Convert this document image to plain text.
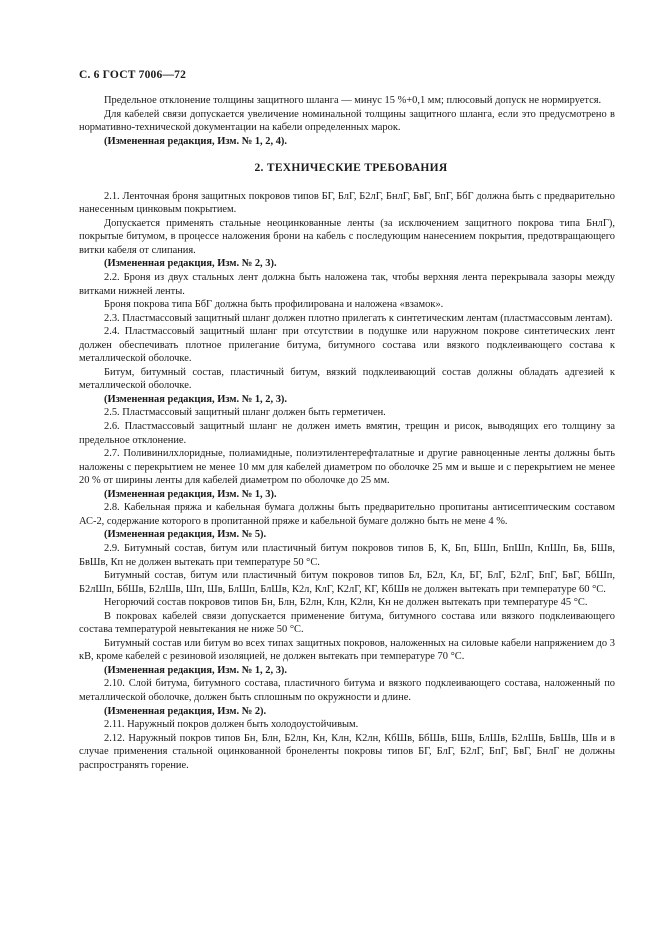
С. 6 ГОСТ 7006—72

Предельное отклонение толщины защитного шланга — минус 15 %+0,1 мм; плюсовый допуск не нормируется.

Для кабелей связи допускается увеличение номинальной толщины защитного шланга, если это предусмотрено в нормативно-технической документации на кабели определенных марок.

(Измененная редакция, Изм. № 1, 2, 4).

2. ТЕХНИЧЕСКИЕ ТРЕБОВАНИЯ

2.1. Ленточная броня защитных покровов типов БГ, БлГ, Б2лГ, БнлГ, БвГ, БпГ, БбГ должна быть с предварительно нанесенным цинковым покрытием.

Допускается применять стальные неоцинкованные ленты (за исключением защитного покрова типа БнлГ), покрытые битумом, в процессе наложения брони на кабель с последующим нанесением покрытия, предотвращающего витки кабеля от слипания.

(Измененная редакция, Изм. № 2, 3).

2.2. Броня из двух стальных лент должна быть наложена так, чтобы верхняя лента перекрывала зазоры между витками нижней ленты.

Броня покрова типа БбГ должна быть профилирована и наложена «взамок».

2.3. Пластмассовый защитный шланг должен плотно прилегать к синтетическим лентам (пластмассовым лентам).

2.4. Пластмассовый защитный шланг при отсутствии в подушке или наружном покрове синтетических лент должен обеспечивать плотное прилегание битума, битумного состава или вязкого подклеивающего состава к металлической оболочке.

Битум, битумный состав, пластичный битум, вязкий подклеивающий состав должны обладать адгезией к металлической оболочке.

(Измененная редакция, Изм. № 1, 2, 3).

2.5. Пластмассовый защитный шланг должен быть герметичен.

2.6. Пластмассовый защитный шланг не должен иметь вмятин, трещин и рисок, выводящих его толщину за предельное отклонение.

2.7. Поливинилхлоридные, полиамидные, полиэтилентерефталатные и другие равноценные ленты должны быть наложены с перекрытием не менее 10 мм для кабелей диаметром по оболочке 25 мм и выше и с перекрытием не менее 20 % от ширины ленты для кабелей диаметром по оболочке до 25 мм.

(Измененная редакция, Изм. № 1, 3).

2.8. Кабельная пряжа и кабельная бумага должны быть предварительно пропитаны антисептическим составом АС-2, содержание которого в пропитанной пряже и кабельной бумаге должно быть не мене 4 %.

(Измененная редакция, Изм. № 5).

2.9. Битумный состав, битум или пластичный битум покровов типов Б, К, Бп, БШп, БпШп, КпШп, Бв, БШв, БвШв, Кп не должен вытекать при температуре 50 °С.

Битумный состав, битум или пластичный битум покровов типов Бл, Б2л, Кл, БГ, БлГ, Б2лГ, БпГ, БвГ, БбШп, Б2лШп, БбШв, Б2лШв, Шп, Шв, БлШп, БлШв, К2л, КлГ, К2лГ, КГ, КбШв не должен вытекать при температуре 60 °С.

Негорючий состав покровов типов Бн, Блн, Б2лн, Клн, К2лн, Кн не должен вытекать при температуре 45 °С.

В покровах кабелей связи допускается применение битума, битумного состава или вязкого подклеивающего состава температурой невытекания не ниже 50 °С.

Битумный состав или битум во всех типах защитных покровов, наложенных на силовые кабели напряжением до 3 кВ, кроме кабелей с резиновой изоляцией, не должен вытекать при температуре 70 °С.

(Измененная редакция, Изм. № 1, 2, 3).

2.10. Слой битума, битумного состава, пластичного битума и вязкого подклеивающего состава, наложенный по металлической оболочке, должен быть сплошным по окружности и длине.

(Измененная редакция, Изм. № 2).

2.11. Наружный покров должен быть холодоустойчивым.

2.12. Наружный покров типов Бн, Блн, Б2лн, Кн, Клн, К2лн, КбШв, БбШв, БШв, БлШв, Б2лШв, БвШв, Шв и в случае применения стальной оцинкованной бронеленты покровы типов БГ, БлГ, Б2лГ, БпГ, БвГ, БнлГ не должны распространять горение.
